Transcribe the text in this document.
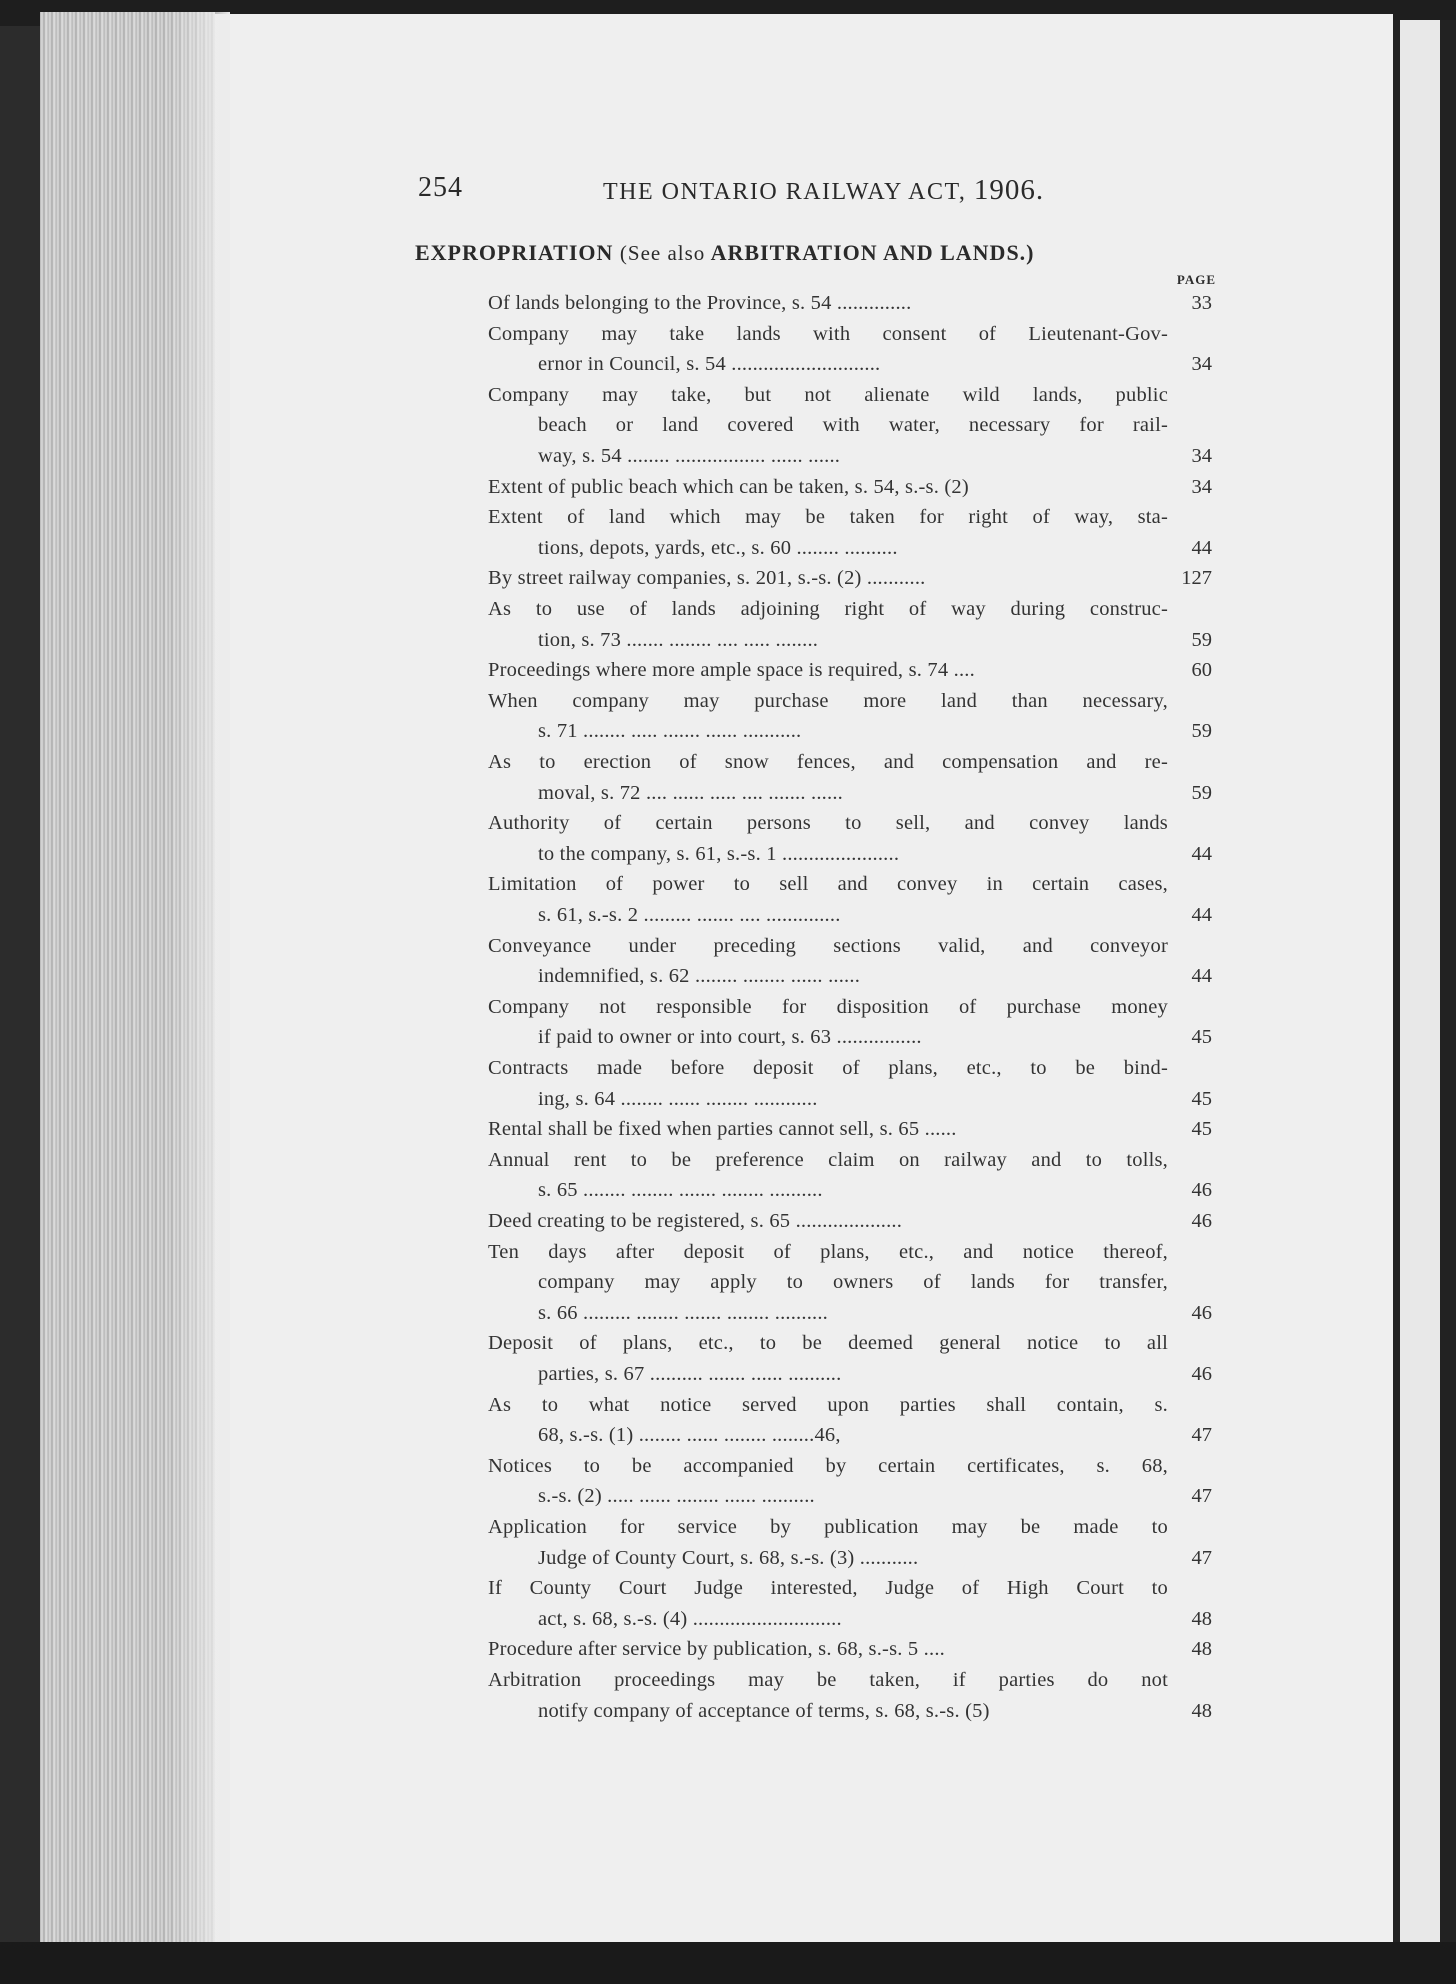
254	THE ONTARIO RAILWAY ACT, 1906.
EXPROPRIATION (See also ARBITRATION AND LANDS.)
PAGE
Of lands belonging to the Province, s. 54 ..............	33
Company may take lands with consent of Lieutenant-Gov-
ernor in Council, s. 54 ............................	34
Company may take, but not alienate wild lands, public
beach or land covered with water, necessary for rail-
way, s. 54 ........ ................. ...... ......	34
Extent of public beach which can be taken, s. 54, s.-s. (2)	34
Extent of land which may be taken for right of way, sta-
tions, depots, yards, etc., s. 60 ........ ..........	44
By street railway companies, s. 201, s.-s. (2) ...........	127
As to use of lands adjoining right of way during construc-
tion, s. 73 ....... ........ .... ..... ........	59
Proceedings where more ample space is required, s. 74 ....	60
When company may purchase more land than necessary,
s. 71 ........ ..... ....... ...... ...........	59
As to erection of snow fences, and compensation and re-
moval, s. 72 .... ...... ..... .... ....... ......	59
Authority of certain persons to sell, and convey lands
to the company, s. 61, s.-s. 1 ......................	44
Limitation of power to sell and convey in certain cases,
s. 61, s.-s. 2 ......... ....... .... ..............	44
Conveyance under preceding sections valid, and conveyor
indemnified, s. 62 ........ ........ ...... ......	44
Company not responsible for disposition of purchase money
if paid to owner or into court, s. 63 ................	45
Contracts made before deposit of plans, etc., to be bind-
ing, s. 64 ........ ...... ........ ............	45
Rental shall be fixed when parties cannot sell, s. 65 ......	45
Annual rent to be preference claim on railway and to tolls,
s. 65 ........ ........ ....... ........ ..........	46
Deed creating to be registered, s. 65 ....................	46
Ten days after deposit of plans, etc., and notice thereof,
company may apply to owners of lands for transfer,
s. 66 ......... ........ ....... ........ ..........	46
Deposit of plans, etc., to be deemed general notice to all
parties, s. 67 .......... ....... ...... ..........	46
As to what notice served upon parties shall contain, s.
68, s.-s. (1) ........ ...... ........ ........46,	47
Notices to be accompanied by certain certificates, s. 68,
s.-s. (2) ..... ...... ........ ...... ..........	47
Application for service by publication may be made to
Judge of County Court, s. 68, s.-s. (3) ...........	47
If County Court Judge interested, Judge of High Court to
act, s. 68, s.-s. (4) ............................	48
Procedure after service by publication, s. 68, s.-s. 5 ....	48
Arbitration proceedings may be taken, if parties do not
notify company of acceptance of terms, s. 68, s.-s. (5)	48
